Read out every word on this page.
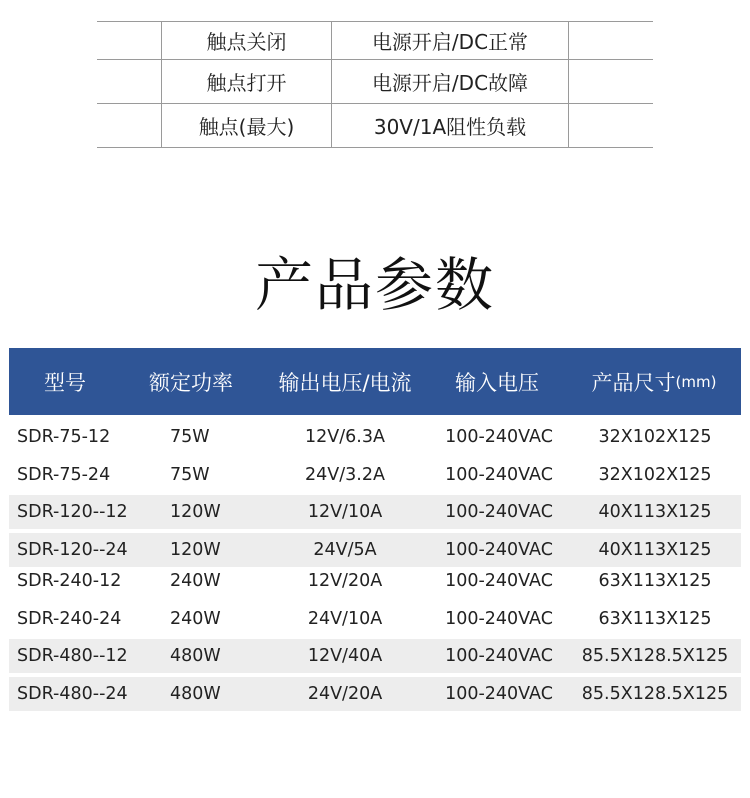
触点关闭	电源开启/DC正常
触点打开	电源开启/DC故障
触点(最大)	30V/1A阻性负载
产品参数
型号	额定功率	输出电压/电流	输入电压	产品尺寸 (mm)
SDR-75-12	75W	12V/6.3A	100-240VAC	32X102X125
SDR-75-24	75W	24V/3.2A	100-240VAC	32X102X125
SDR-120--12 120W	12V/10A	100-240VAC	40X113X125
SDR-120--24 120W	24V/5A	100-240VAC	40X113X125
SDR-240-12	240W	12V/20A	100-240VAC	63X113X125
SDR-240-24	240W	24V/10A	100-240VAC	63X113X125
SDR-480--12 480W	12V/40A	100-240VAC	85.5X128.5X125
SDR-480--24 480W	24V/20A	100-240VAC	85.5X128.5X125
